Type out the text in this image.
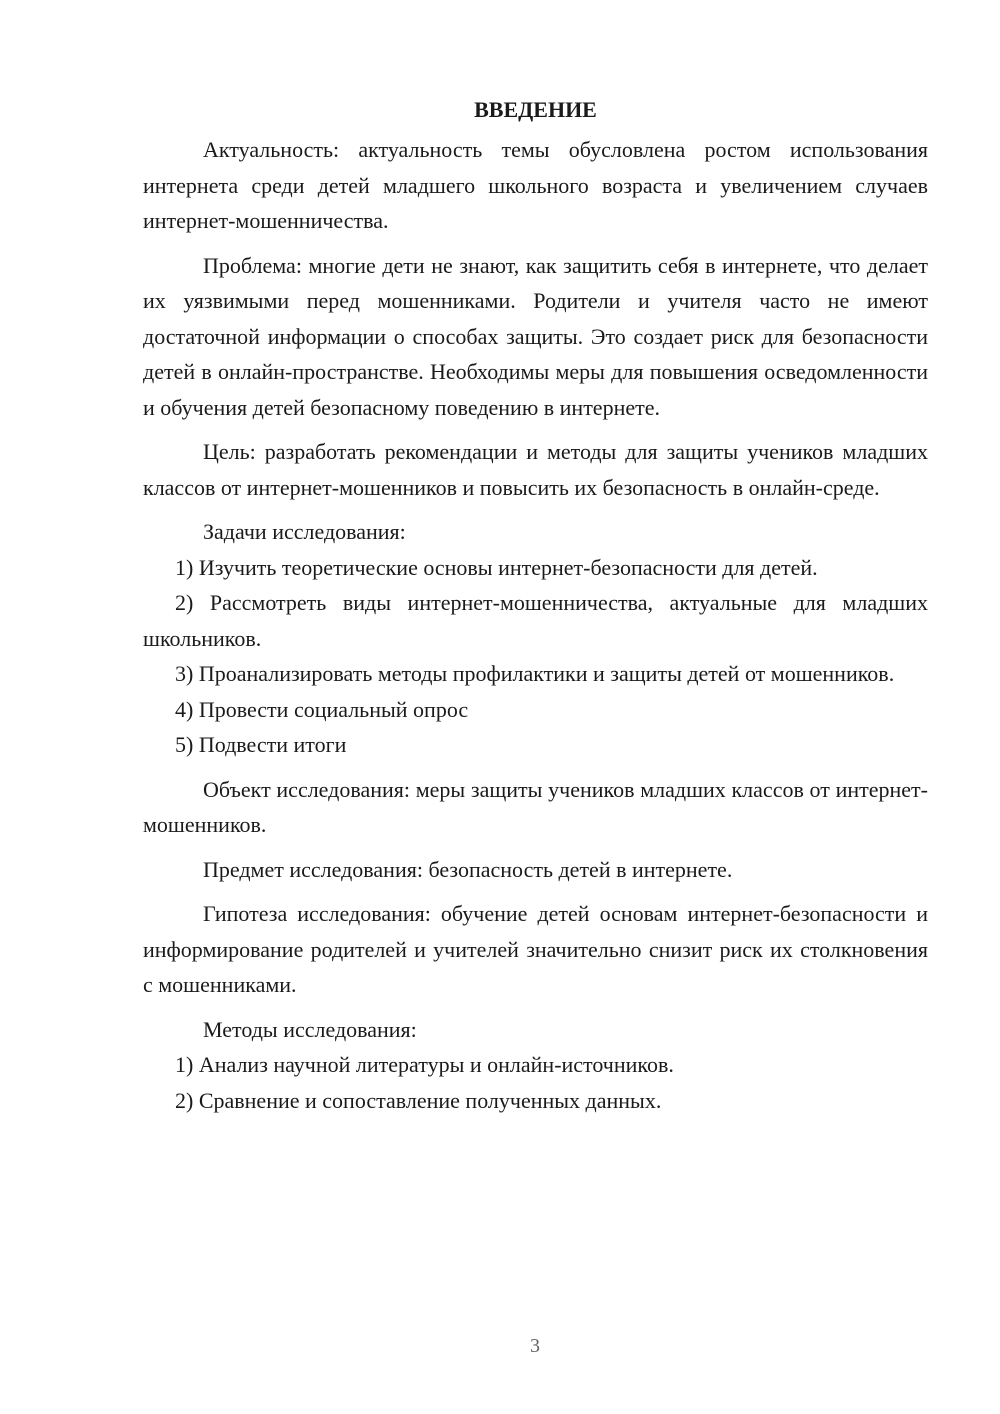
ВВЕДЕНИЕ

Актуальность: актуальность темы обусловлена ростом использования интернета среди детей младшего школьного возраста и увеличением случаев интернет-мошенничества.

Проблема: многие дети не знают, как защитить себя в интернете, что делает их уязвимыми перед мошенниками. Родители и учителя часто не имеют достаточной информации о способах защиты. Это создает риск для безопасности детей в онлайн-пространстве. Необходимы меры для повышения осведомленности и обучения детей безопасному поведению в интернете.

Цель: разработать рекомендации и методы для защиты учеников младших классов от интернет-мошенников и повысить их безопасность в онлайн-среде.

Задачи исследования:

1) Изучить теоретические основы интернет-безопасности для детей.

2) Рассмотреть виды интернет-мошенничества, актуальные для младших школьников.

3) Проанализировать методы профилактики и защиты детей от мошенников.

4) Провести социальный опрос

5) Подвести итоги

Объект исследования: меры защиты учеников младших классов от интернет-мошенников.

Предмет исследования: безопасность детей в интернете.

Гипотеза исследования: обучение детей основам интернет-безопасности и информирование родителей и учителей значительно снизит риск их столкновения с мошенниками.

Методы исследования:

1) Анализ научной литературы и онлайн-источников.

2) Сравнение и сопоставление полученных данных.

3
